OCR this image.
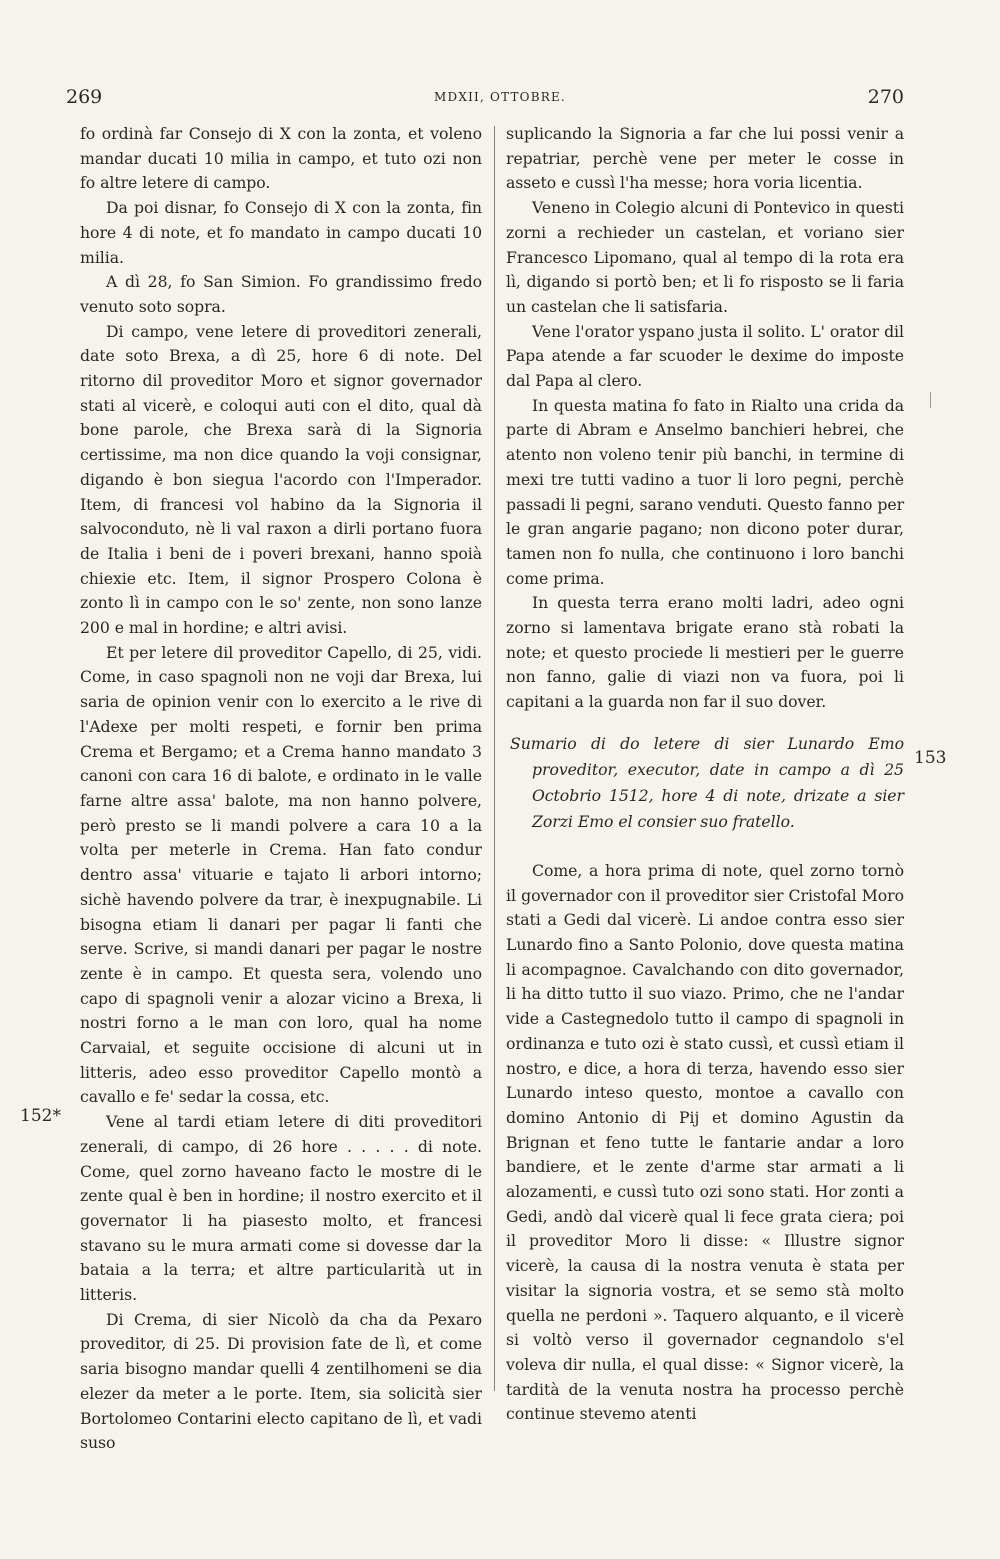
269	MDXII, OTTOBRE.	270
152*
153

fo ordinà far Consejo di X con la zonta, et voleno mandar ducati 10 milia in campo, et tuto ozi non fo altre letere di campo.

Da poi disnar, fo Consejo di X con la zonta, fin hore 4 di note, et fo mandato in campo ducati 10 milia.

A dì 28, fo San Simion. Fo grandissimo fredo venuto soto sopra.

Di campo, vene letere di proveditori zenerali, date soto Brexa, a dì 25, hore 6 di note. Del ritorno dil proveditor Moro et signor governador stati al vicerè, e coloqui auti con el dito, qual dà bone parole, che Brexa sarà di la Signoria certissime, ma non dice quando la voji consignar, digando è bon siegua l'acordo con l'Imperador. Item, di francesi vol habino da la Signoria il salvoconduto, nè li val raxon a dirli portano fuora de Italia i beni de i poveri brexani, hanno spoià chiexie etc. Item, il signor Prospero Colona è zonto lì in campo con le so' zente, non sono lanze 200 e mal in hordine; e altri avisi.

Et per letere dil proveditor Capello, di 25, vidi. Come, in caso spagnoli non ne voji dar Brexa, lui saria de opinion venir con lo exercito a le rive di l'Adexe per molti respeti, e fornir ben prima Crema et Bergamo; et a Crema hanno mandato 3 canoni con cara 16 di balote, e ordinato in le valle farne altre assa' balote, ma non hanno polvere, però presto se li mandi polvere a cara 10 a la volta per meterle in Crema. Han fato condur dentro assa' vituarie e tajato li arbori intorno; sichè havendo polvere da trar, è inexpugnabile. Li bisogna etiam li danari per pagar li fanti che serve. Scrive, si mandi danari per pagar le nostre zente è in campo. Et questa sera, volendo uno capo di spagnoli venir a alozar vicino a Brexa, li nostri forno a le man con loro, qual ha nome Carvaial, et seguite occisione di alcuni ut in litteris, adeo esso proveditor Capello montò a cavallo e fe' sedar la cossa, etc.

Vene al tardi etiam letere di diti proveditori zenerali, di campo, di 26 hore . . . . . di note. Come, quel zorno haveano facto le mostre di le zente qual è ben in hordine; il nostro exercito et il governator li ha piasesto molto, et francesi stavano su le mura armati come si dovesse dar la bataia a la terra; et altre particularità ut in litteris.

Di Crema, di sier Nicolò da cha da Pexaro proveditor, di 25. Di provision fate de lì, et come saria bisogno mandar quelli 4 zentilhomeni se dia elezer da meter a le porte. Item, sia solicità sier Bortolomeo Contarini electo capitano de lì, et vadi suso

suplicando la Signoria a far che lui possi venir a repatriar, perchè vene per meter le cosse in asseto e cussì l'ha messe; hora voria licentia.

Veneno in Colegio alcuni di Pontevico in questi zorni a rechieder un castelan, et voriano sier Francesco Lipomano, qual al tempo di la rota era lì, digando si portò ben; et li fo risposto se li faria un castelan che li satisfaria.

Vene l'orator yspano justa il solito. L' orator dil Papa atende a far scuoder le dexime do imposte dal Papa al clero.

In questa matina fo fato in Rialto una crida da parte di Abram e Anselmo banchieri hebrei, che atento non voleno tenir più banchi, in termine di mexi tre tutti vadino a tuor li loro pegni, perchè passadi li pegni, sarano venduti. Questo fanno per le gran angarie pagano; non dicono poter durar, tamen non fo nulla, che continuono i loro banchi come prima.

In questa terra erano molti ladri, adeo ogni zorno si lamentava brigate erano stà robati la note; et questo prociede li mestieri per le guerre non fanno, galie di viazi non va fuora, poi li capitani a la guarda non far il suo dover.

Sumario di do letere di sier Lunardo Emo proveditor, executor, date in campo a dì 25 Octobrio 1512, hore 4 di note, drizate a sier Zorzi Emo el consier suo fratello.

Come, a hora prima di note, quel zorno tornò il governador con il proveditor sier Cristofal Moro stati a Gedi dal vicerè. Li andoe contra esso sier Lunardo fino a Santo Polonio, dove questa matina li acompagnoe. Cavalchando con dito governador, li ha ditto tutto il suo viazo. Primo, che ne l'andar vide a Castegnedolo tutto il campo di spagnoli in ordinanza e tuto ozi è stato cussì, et cussì etiam il nostro, e dice, a hora di terza, havendo esso sier Lunardo inteso questo, montoe a cavallo con domino Antonio di Pij et domino Agustin da Brignan et feno tutte le fantarie andar a loro bandiere, et le zente d'arme star armati a li alozamenti, e cussì tuto ozi sono stati. Hor zonti a Gedi, andò dal vicerè qual li fece grata ciera; poi il proveditor Moro li disse: « Illustre signor vicerè, la causa di la nostra venuta è stata per visitar la signoria vostra, et se semo stà molto quella ne perdoni ». Taquero alquanto, e il vicerè si voltò verso il governador cegnandolo s'el voleva dir nulla, el qual disse: « Signor vicerè, la tardità de la venuta nostra ha processo perchè continue stevemo atenti
